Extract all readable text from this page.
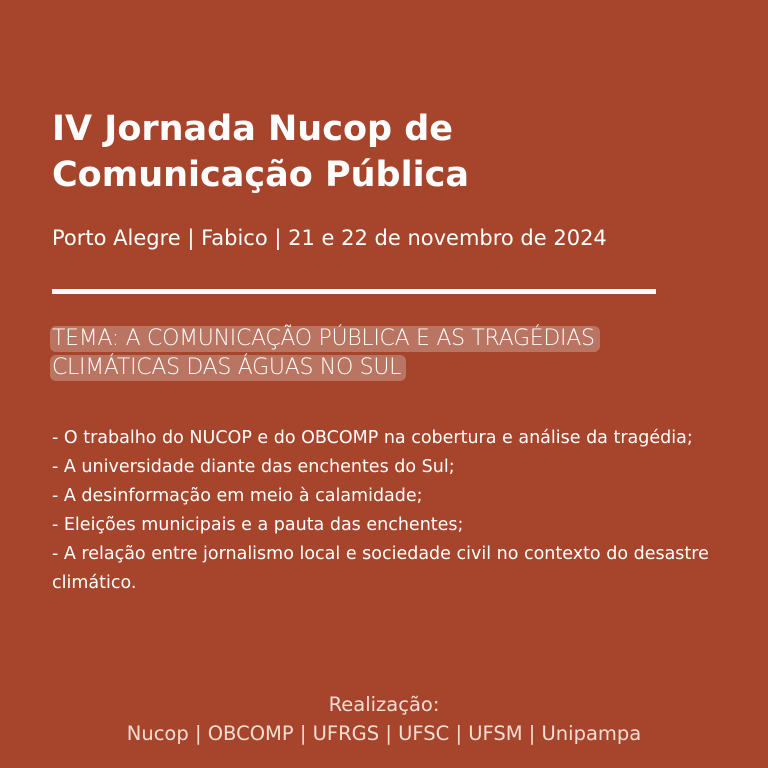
IV Jornada Nucop de
Comunicação Pública
Porto Alegre | Fabico | 21 e 22 de novembro de 2024
TEMA: A COMUNICAÇÃO PÚBLICA E AS TRAGÉDIAS
CLIMÁTICAS DAS ÁGUAS NO SUL
- O trabalho do NUCOP e do OBCOMP na cobertura e análise da tragédia;
- A universidade diante das enchentes do Sul;
- A desinformação em meio à calamidade;
- Eleições municipais e a pauta das enchentes;
- A relação entre jornalismo local e sociedade civil no contexto do desastre climático.
Realização:
Nucop | OBCOMP | UFRGS | UFSC | UFSM | Unipampa
